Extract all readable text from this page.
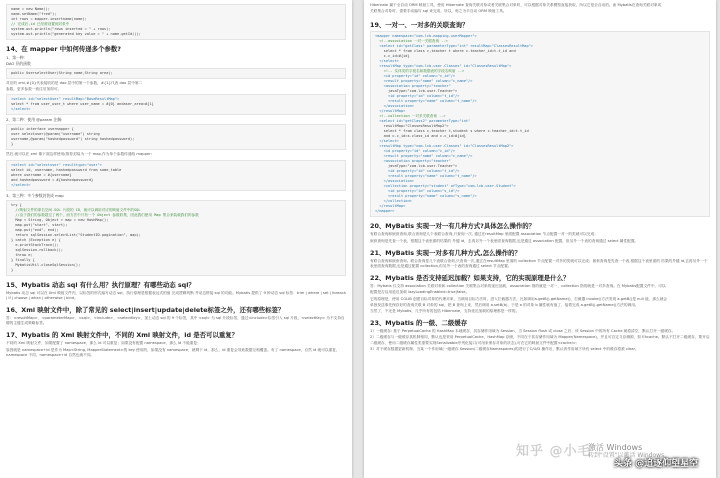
name = new Name();
name.setName("fred");
int rows = mapper.insertname(name);
// 完成后,id 已经被设置到对象中
system.out.println("rows inserted = " + rows);
system.out.println("generated key value = " + name.getId());
14、在 mapper 中如何传递多个参数?
1、第一种：
DAO 层的函数
public UserselectUser(String name,String area);
对应的 xml,#{0}代表接收的是 dao 层中的第一个参数，#{1}代表 dao 层中第二
参数，更多参数一致往后加即可。
<select id="selectUser" resultMap="BaseResultMap">
select * from user_user_t where user_name = #{0} andaser_area=#{1}
</select>
2、第二种：使用 @param 注解:
public interface usermapper {
user selectuser(@param("username") string
username,@param("hashedpassword") string hashedpassword);
}
然后,就可以在 xml 像下面这样使用(推荐封装为一个 map,作为单个参数传递给 mapper:
<select id="selectuser" resulttype="user">
select id, username, hashedpassword from some_table
where username = #{username}
and hashedpassword = #{hashedpassword}
</select>
3、第三种：多个参数封装成 map
try {
//映射文件的命名空间.SQL 片段的 ID，就可以调用对应的映射文件中的SQL
//由于我们的参数超过了两个，而方法中只有一个 Object 参数收集，因此我们使用 Map 集合来装载我们的参数
Map < String, Object > map = new HashMap();
map.put("start", start);
map.put("end", end);
return sqlSession.selectList("StudentID.pagination", map);
} catch (Exception e) {
e.printStackTrace();
sqlSession.rollback();
throw e;
} finally {
MybatisUtil.closeSqlSession();
}
15、Mybatis 动态 sql 有什么用？执行原理？有哪些动态 sql？
Mybatis 动态 sql 可以在 Xml 映射文件内，以标签的形式编写动态 sql，执行原理是根据表达式的值 完成逻辑判断 并动态拼接 sql 的功能。Mybatis 提供了 9 种动态 sql 标签：trim | where | set | foreach | if | choose | when | otherwise | bind。
16、Xml 映射文件中，除了常见的 select|insert|update|delete标签之外，还有哪些标签？
答：<resultMap>、<parameterMap>、<sql>、<include>、<selectKey>，加上动态 sql 的 9 个标签，其中 <sql> 为 sql 片段标签，通过<include>标签引入 sql 片段，<selectKey> 为不支持自增的主键生成策略标签。
17、Mybatis 的 Xml 映射文件中，不同的 Xml 映射文件，id 是否可以重复？
不同的 Xml 映射文件，如果配置了 namespace，那么 id 可以重复；如果没有配置 namespace，那么 id 不能重复；
原因就是 namespace+id 是作为 Map<String, MapperStatement>的 key 使用的，如果没有 namespace，就剩下 id，那么，id 重复会导致数据互相覆盖。有了 namespace，自然 id 就可以重复，namespace 不同，namespace+id 自然也就不同。
Hibernate 属于全自动 ORM 映射工具，使用 Hibernate 查询关联对象或者关联集合对象时，可以根据对象关系模型直接获取，所以它是全自动的。而 Mybatis在查询关联对象或
关联集合对象时，需要手动编写 sql 来完成，所以，称之为半自动 ORM 映射工具。
19、一对一、一对多的关联查询？
<mapper namespace="com.lcb.mapping.userMapper">
<!--association 一对一关联查询 -->
<select id="getClass" parameterType="int" resultMap="ClassesResultMap">
select * from class c,teacher t where c.teacher_id=t.t_id and
c.c_id=#{id}
</select>
<resultMap type="com.lcb.user.Classes" id="ClassesResultMap">
<!-- 实体类的字段名和数据表的字段名映射 -->
<id property="id" column="c_id"/>
<result property="name" column="c_name"/>
<association property="teacher"
javaType="com.lcb.user.Teacher">
<id property="id" column="t_id"/>
<result property="name" column="t_name"/>
</association>
</resultMap>
<!--collection 一对多关联查询 -->
<select id="getClass2" parameterType="int"
resultMap="ClassesResultMap2">
select * from class c,teacher t,student s where c.teacher_id=t.t_id
and c.c_id=s.class_id and c.c_id=#{id}
</select>
<resultMap type="com.lcb.user.Classes" id="ClassesResultMap2">
<id property="id" column="c_id"/>
<result property="name" column="c_name"/>
<association property="teacher"
javaType="com.lcb.user.Teacher">
<id property="id" column="t_id"/>
<result property="name" column="t_name"/>
</association>
<collection property="student" ofType="com.lcb.user.Student">
<id property="id" column="s_id"/>
<result property="name" column="s_name"/>
</collection>
</resultMap>
</mapper>
20、MyBatis 实现一对一有几种方式?具体怎么操作的？
有联合查询和嵌套查询,联合查询是几个表联合查询,只查询一次, 通过在resultMap 里面配置 association 节点配置一对一的类就可以完成；
嵌套查询是先查一个表，根据这个表里面的结果的 外键 id，去再另外一个表里面查询数据,也是通过 association 配置，但另外一个表的查询通过 select 属性配置。
21、MyBatis 实现一对多有几种方式,怎么操作的？
有联合查询和嵌套查询。联合查询是几个表联合查询,只查询一次,通过在resultMap 里面的 collection 节点配置一对多的类就可以完成；嵌套查询是先查一个表,根据这个表里面的 结果的外键 id,去再另外一个表里面查询数据,也是通过配置 collection,但另外一个表的查询通过 select 节点配置。
22、Mybatis 是否支持延迟加载？如果支持，它的实现原理是什么？
答：Mybatis 仅支持 association 关联对象和 collection 关联集合对象的延迟加载，association 指的就是一对一，collection 指的就是一对多查询。在 Mybatis配置文件中，可以
配置是否启用延迟加载 lazyLoadingEnabled=true|false。
它的原理是，使用 CGLIB 创建目标对象的代理对象，当调用目标方法时，进入拦截器方法，比如调用a.getB().getName()，拦截器 invoke()方法发现 a.getB()是 null 值，那么就会
单独发送事先保存好的查询关联 B 对象的 sql，把 B 查询上来，然后调用 a.setB(b)，于是 a 的对象 b 属性就有值了，接着完成 a.getB().getName()方法的调用。
当然了，不光是 Mybatis，几乎所有的包括 Hibernate，支持延迟加载的原理都是一样的。
23、Mybatis 的一级、二级缓存
1）一级缓存: 基于 PerpetualCache 的 HashMap 本地缓存，其存储作用域为 Session，当 Session flush 或 close 之后，该 Session 中的所有 Cache 就将清空，默认打开一级缓存。
2）二级缓存与一级缓存其机制相同，默认也是采用 PerpetualCache，HashMap 存储，不同在于其存储作用域为 Mapper(Namespace)，并且可自定义存储源，如 Ehcache。默认不打开二级缓存，要开启二级缓存，使用二级缓存属性类需要实现Serializable序列化接口(可用来保存对象的状态),可在它的映射文件中配置<cache/>；
3）对于缓存数据更新机制，当某一个作用域(一级缓存 Session/二级缓存Namespaces)的进行了C/U/D 操作后，默认该作用域下所有 select 中的缓存将被 clear。
知乎 @小毛
激活 Windows
转到"设置"以激活 Windows。
头条 @追逐仰望星空
